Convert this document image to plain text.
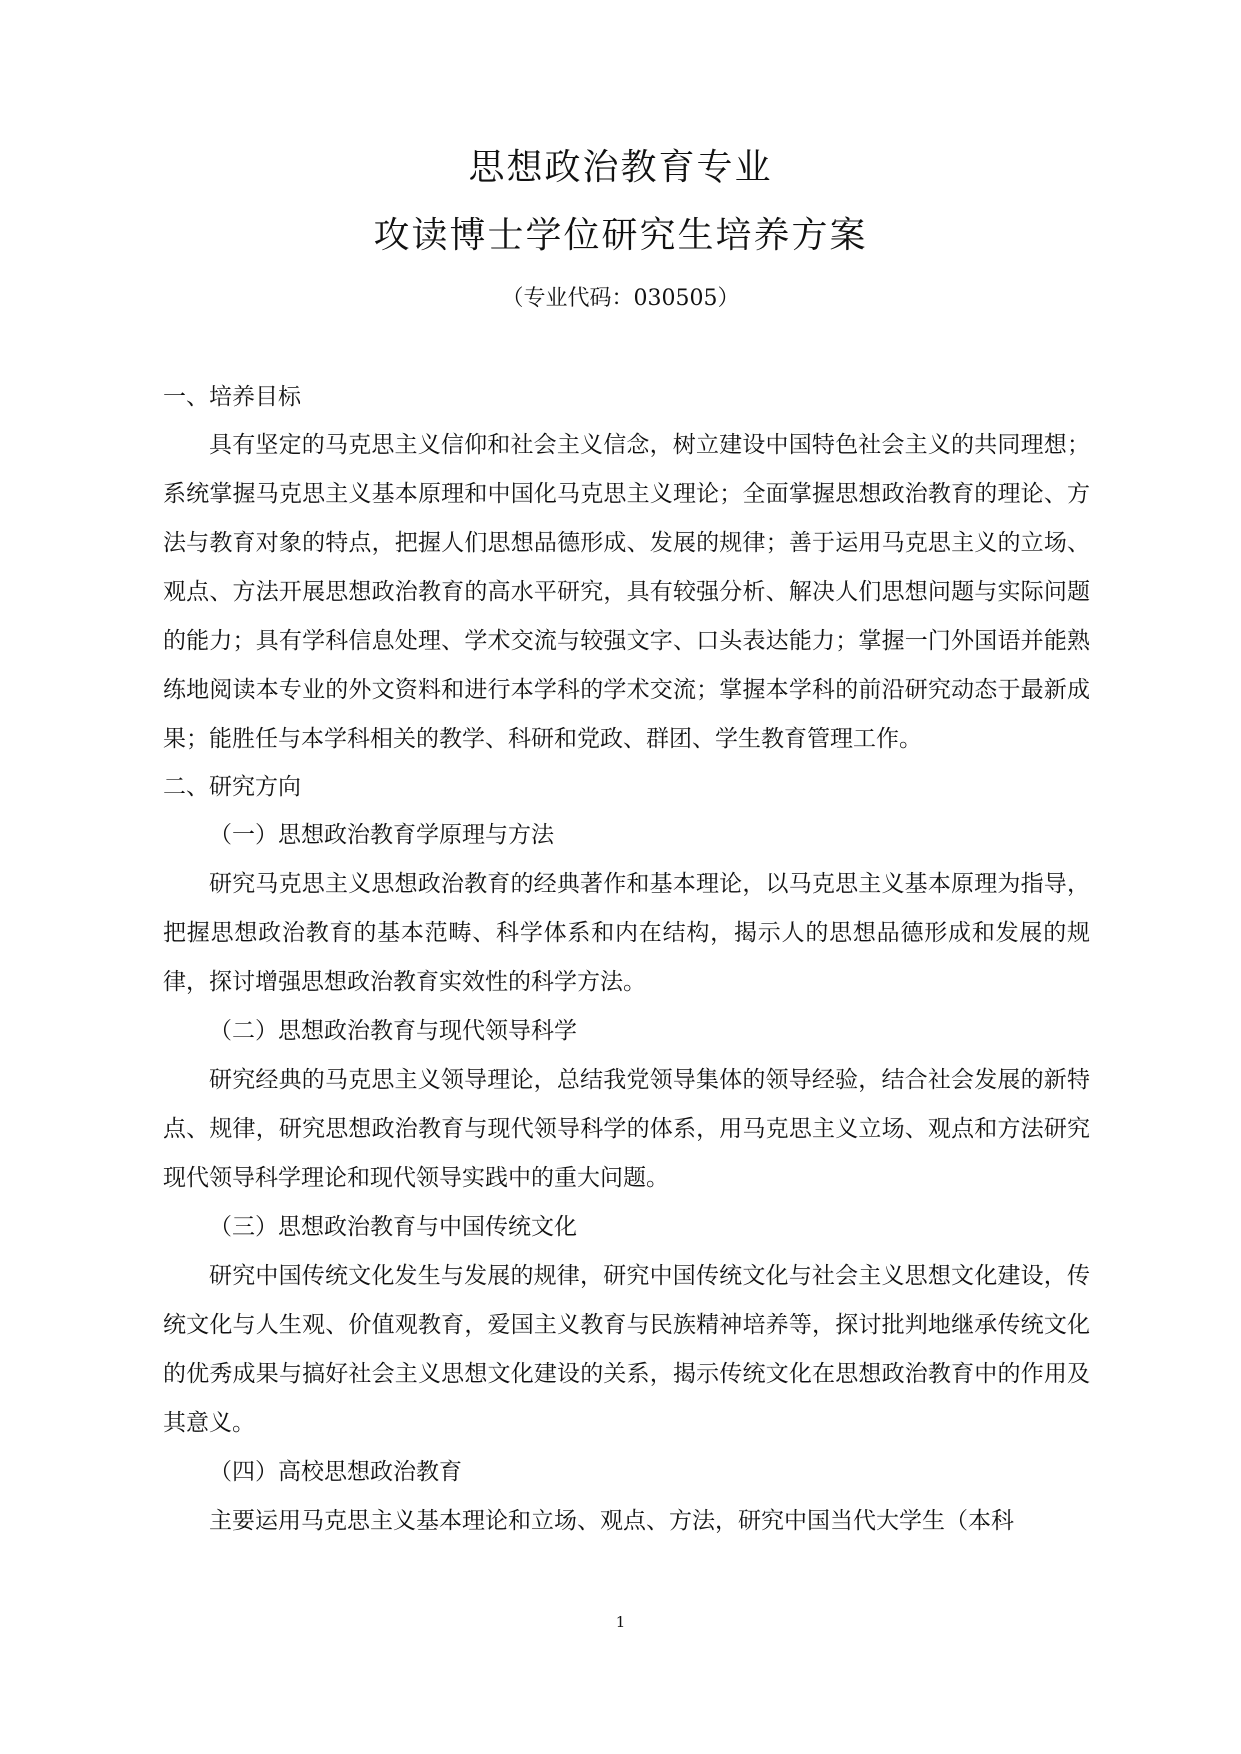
思想政治教育专业
攻读博士学位研究生培养方案
（专业代码：030505）
一、培养目标

具有坚定的马克思主义信仰和社会主义信念，树立建设中国特色社会主义的共同理想；系统掌握马克思主义基本原理和中国化马克思主义理论；全面掌握思想政治教育的理论、方法与教育对象的特点，把握人们思想品德形成、发展的规律；善于运用马克思主义的立场、观点、方法开展思想政治教育的高水平研究，具有较强分析、解决人们思想问题与实际问题的能力；具有学科信息处理、学术交流与较强文字、口头表达能力；掌握一门外国语并能熟练地阅读本专业的外文资料和进行本学科的学术交流；掌握本学科的前沿研究动态于最新成果；能胜任与本学科相关的教学、科研和党政、群团、学生教育管理工作。

二、研究方向

（一）思想政治教育学原理与方法

研究马克思主义思想政治教育的经典著作和基本理论，以马克思主义基本原理为指导，把握思想政治教育的基本范畴、科学体系和内在结构，揭示人的思想品德形成和发展的规律，探讨增强思想政治教育实效性的科学方法。

（二）思想政治教育与现代领导科学

研究经典的马克思主义领导理论，总结我党领导集体的领导经验，结合社会发展的新特点、规律，研究思想政治教育与现代领导科学的体系，用马克思主义立场、观点和方法研究现代领导科学理论和现代领导实践中的重大问题。

（三）思想政治教育与中国传统文化

研究中国传统文化发生与发展的规律，研究中国传统文化与社会主义思想文化建设，传统文化与人生观、价值观教育，爱国主义教育与民族精神培养等，探讨批判地继承传统文化的优秀成果与搞好社会主义思想文化建设的关系，揭示传统文化在思想政治教育中的作用及其意义。

（四）高校思想政治教育

主要运用马克思主义基本理论和立场、观点、方法，研究中国当代大学生（本科

1
